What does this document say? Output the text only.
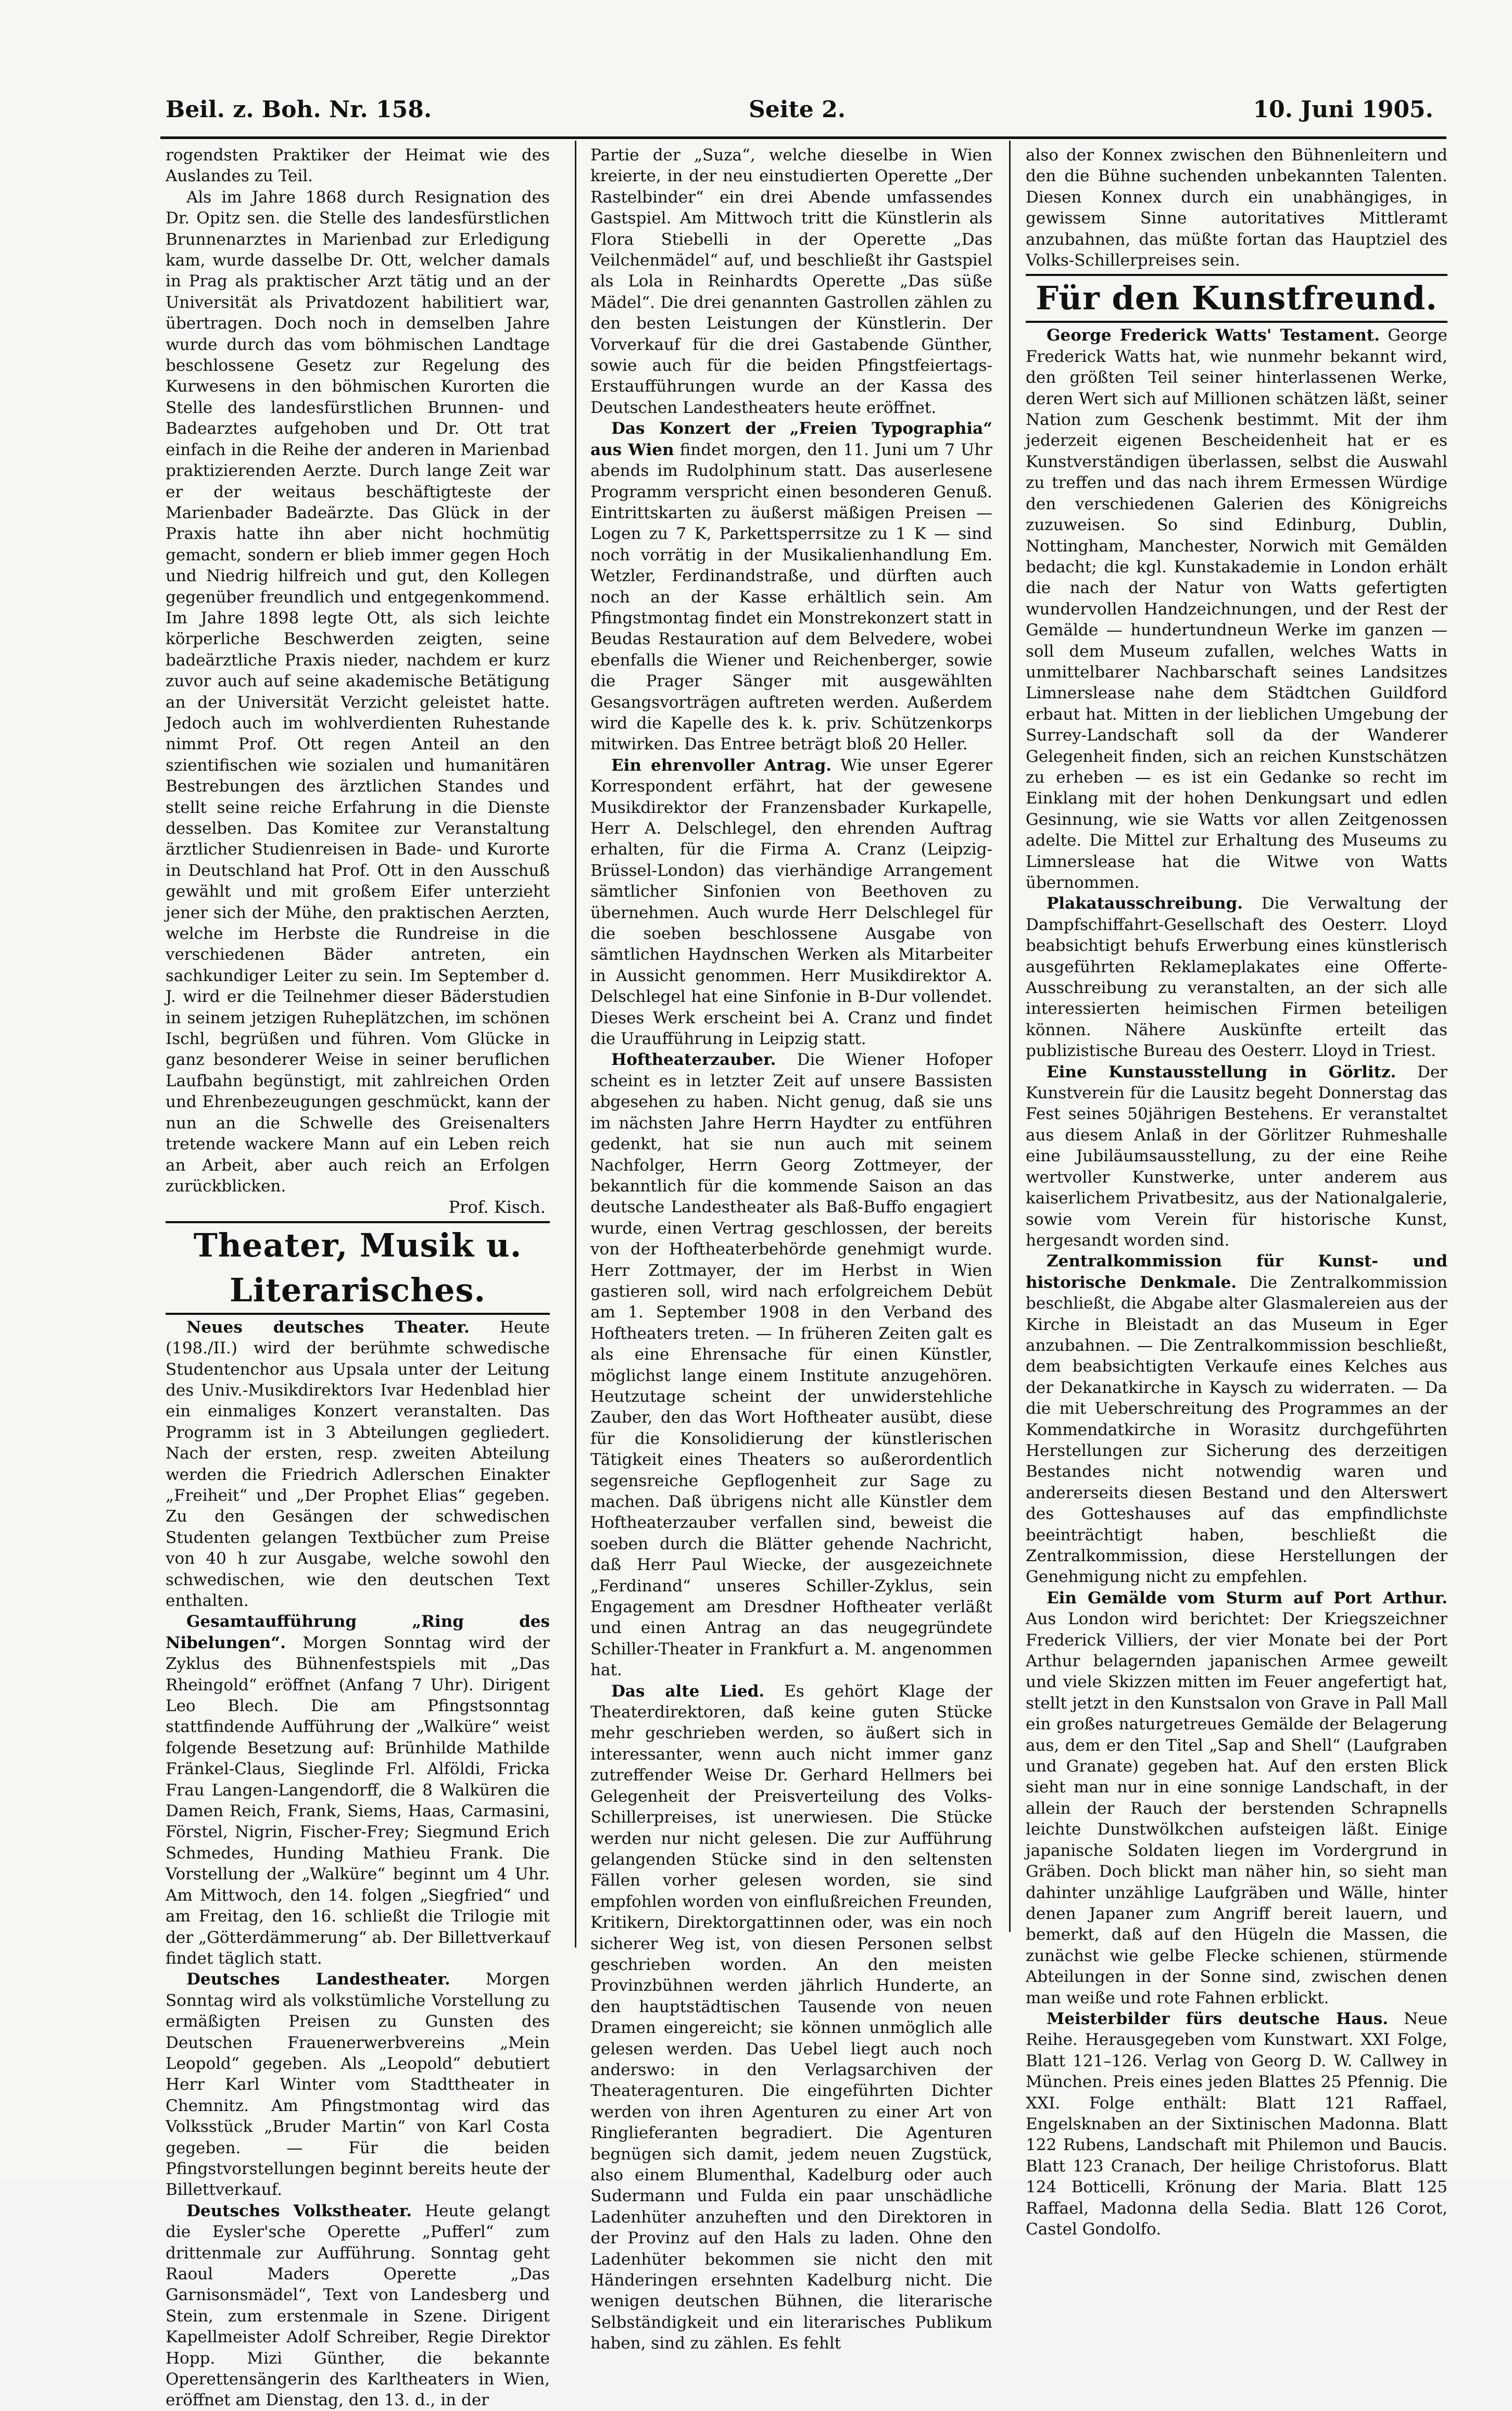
Beil. z. Boh. Nr. 158.	Seite 2.	10. Juni 1905.

rogendsten Praktiker der Heimat wie des Auslandes zu Teil.

Als im Jahre 1868 durch Resignation des Dr. Opitz sen. die Stelle des landesfürstlichen Brunnenarztes in Marienbad zur Erledigung kam, wurde dasselbe Dr. Ott, welcher damals in Prag als praktischer Arzt tätig und an der Universität als Privatdozent habilitiert war, übertragen. Doch noch in demselben Jahre wurde durch das vom böhmischen Landtage beschlossene Gesetz zur Regelung des Kurwesens in den böhmischen Kurorten die Stelle des landesfürstlichen Brunnen- und Badearztes aufgehoben und Dr. Ott trat einfach in die Reihe der anderen in Marienbad praktizierenden Aerzte. Durch lange Zeit war er der weitaus beschäftigteste der Marienbader Badeärzte. Das Glück in der Praxis hatte ihn aber nicht hochmütig gemacht, sondern er blieb immer gegen Hoch und Niedrig hilfreich und gut, den Kollegen gegenüber freundlich und entgegenkommend. Im Jahre 1898 legte Ott, als sich leichte körperliche Beschwerden zeigten, seine badeärztliche Praxis nieder, nachdem er kurz zuvor auch auf seine akademische Betätigung an der Universität Verzicht geleistet hatte. Jedoch auch im wohlverdienten Ruhestande nimmt Prof. Ott regen Anteil an den szientifischen wie sozialen und humanitären Bestrebungen des ärztlichen Standes und stellt seine reiche Erfahrung in die Dienste desselben. Das Komitee zur Veranstaltung ärztlicher Studienreisen in Bade- und Kurorte in Deutschland hat Prof. Ott in den Ausschuß gewählt und mit großem Eifer unterzieht jener sich der Mühe, den praktischen Aerzten, welche im Herbste die Rundreise in die verschiedenen Bäder antreten, ein sachkundiger Leiter zu sein. Im September d. J. wird er die Teilnehmer dieser Bäderstudien in seinem jetzigen Ruheplätzchen, im schönen Ischl, begrüßen und führen. Vom Glücke in ganz besonderer Weise in seiner beruflichen Laufbahn begünstigt, mit zahlreichen Orden und Ehrenbezeugungen geschmückt, kann der nun an die Schwelle des Greisenalters tretende wackere Mann auf ein Leben reich an Arbeit, aber auch reich an Erfolgen zurückblicken.

Prof. Kisch.
Theater, Musik u. Literarisches.

Neues deutsches Theater. Heute (198./II.) wird der berühmte schwedische Studentenchor aus Upsala unter der Leitung des Univ.-Musikdirektors Ivar Hedenblad hier ein einmaliges Konzert veranstalten. Das Programm ist in 3 Abteilungen gegliedert. Nach der ersten, resp. zweiten Abteilung werden die Friedrich Adlerschen Einakter „Freiheit“ und „Der Prophet Elias“ gegeben. Zu den Gesängen der schwedischen Studenten gelangen Textbücher zum Preise von 40 h zur Ausgabe, welche sowohl den schwedischen, wie den deutschen Text enthalten.

Gesamtaufführung „Ring des Nibelungen“. Morgen Sonntag wird der Zyklus des Bühnenfestspiels mit „Das Rheingold“ eröffnet (Anfang 7 Uhr). Dirigent Leo Blech. Die am Pfingstsonntag stattfindende Aufführung der „Walküre“ weist folgende Besetzung auf: Brünhilde Mathilde Fränkel-Claus, Sieglinde Frl. Alföldi, Fricka Frau Langen-Langendorff, die 8 Walküren die Damen Reich, Frank, Siems, Haas, Carmasini, Förstel, Nigrin, Fischer-Frey; Siegmund Erich Schmedes, Hunding Mathieu Frank. Die Vorstellung der „Walküre“ beginnt um 4 Uhr. Am Mittwoch, den 14. folgen „Siegfried“ und am Freitag, den 16. schließt die Trilogie mit der „Götterdämmerung“ ab. Der Billettverkauf findet täglich statt.

Deutsches Landestheater. Morgen Sonntag wird als volkstümliche Vorstellung zu ermäßigten Preisen zu Gunsten des Deutschen Frauenerwerbvereins „Mein Leopold“ gegeben. Als „Leopold“ debutiert Herr Karl Winter vom Stadttheater in Chemnitz. Am Pfingstmontag wird das Volksstück „Bruder Martin“ von Karl Costa gegeben. — Für die beiden Pfingstvorstellungen beginnt bereits heute der Billettverkauf.

Deutsches Volkstheater. Heute gelangt die Eysler'sche Operette „Pufferl“ zum drittenmale zur Aufführung. Sonntag geht Raoul Maders Operette „Das Garnisonsmädel“, Text von Landesberg und Stein, zum erstenmale in Szene. Dirigent Kapellmeister Adolf Schreiber, Regie Direktor Hopp. Mizi Günther, die bekannte Operettensängerin des Karltheaters in Wien, eröffnet am Dienstag, den 13. d., in der

Partie der „Suza“, welche dieselbe in Wien kreierte, in der neu einstudierten Operette „Der Rastelbinder“ ein drei Abende umfassendes Gastspiel. Am Mittwoch tritt die Künstlerin als Flora Stiebelli in der Operette „Das Veilchenmädel“ auf, und beschließt ihr Gastspiel als Lola in Reinhardts Operette „Das süße Mädel“. Die drei genannten Gastrollen zählen zu den besten Leistungen der Künstlerin. Der Vorverkauf für die drei Gastabende Günther, sowie auch für die beiden Pfingstfeiertags-Erstaufführungen wurde an der Kassa des Deutschen Landestheaters heute eröffnet.

Das Konzert der „Freien Typographia“ aus Wien findet morgen, den 11. Juni um 7 Uhr abends im Rudolphinum statt. Das auserlesene Programm verspricht einen besonderen Genuß. Eintrittskarten zu äußerst mäßigen Preisen — Logen zu 7 K, Parkettsperrsitze zu 1 K — sind noch vorrätig in der Musikalienhandlung Em. Wetzler, Ferdinandstraße, und dürften auch noch an der Kasse erhältlich sein. Am Pfingstmontag findet ein Monstrekonzert statt in Beudas Restauration auf dem Belvedere, wobei ebenfalls die Wiener und Reichenberger, sowie die Prager Sänger mit ausgewählten Gesangsvorträgen auftreten werden. Außerdem wird die Kapelle des k. k. priv. Schützenkorps mitwirken. Das Entree beträgt bloß 20 Heller.

Ein ehrenvoller Antrag. Wie unser Egerer Korrespondent erfährt, hat der gewesene Musikdirektor der Franzensbader Kurkapelle, Herr A. Delschlegel, den ehrenden Auftrag erhalten, für die Firma A. Cranz (Leipzig-Brüssel-London) das vierhändige Arrangement sämtlicher Sinfonien von Beethoven zu übernehmen. Auch wurde Herr Delschlegel für die soeben beschlossene Ausgabe von sämtlichen Haydnschen Werken als Mitarbeiter in Aussicht genommen. Herr Musikdirektor A. Delschlegel hat eine Sinfonie in B-Dur vollendet. Dieses Werk erscheint bei A. Cranz und findet die Uraufführung in Leipzig statt.

Hoftheaterzauber. Die Wiener Hofoper scheint es in letzter Zeit auf unsere Bassisten abgesehen zu haben. Nicht genug, daß sie uns im nächsten Jahre Herrn Haydter zu entführen gedenkt, hat sie nun auch mit seinem Nachfolger, Herrn Georg Zottmeyer, der bekanntlich für die kommende Saison an das deutsche Landestheater als Baß-Buffo engagiert wurde, einen Vertrag geschlossen, der bereits von der Hoftheaterbehörde genehmigt wurde. Herr Zottmayer, der im Herbst in Wien gastieren soll, wird nach erfolgreichem Debüt am 1. September 1908 in den Verband des Hoftheaters treten. — In früheren Zeiten galt es als eine Ehrensache für einen Künstler, möglichst lange einem Institute anzugehören. Heutzutage scheint der unwiderstehliche Zauber, den das Wort Hoftheater ausübt, diese für die Konsolidierung der künstlerischen Tätigkeit eines Theaters so außerordentlich segensreiche Gepflogenheit zur Sage zu machen. Daß übrigens nicht alle Künstler dem Hoftheaterzauber verfallen sind, beweist die soeben durch die Blätter gehende Nachricht, daß Herr Paul Wiecke, der ausgezeichnete „Ferdinand“ unseres Schiller-Zyklus, sein Engagement am Dresdner Hoftheater verläßt und einen Antrag an das neugegründete Schiller-Theater in Frankfurt a. M. angenommen hat.

Das alte Lied. Es gehört Klage der Theaterdirektoren, daß keine guten Stücke mehr geschrieben werden, so äußert sich in interessanter, wenn auch nicht immer ganz zutreffender Weise Dr. Gerhard Hellmers bei Gelegenheit der Preisverteilung des Volks-Schillerpreises, ist unerwiesen. Die Stücke werden nur nicht gelesen. Die zur Aufführung gelangenden Stücke sind in den seltensten Fällen vorher gelesen worden, sie sind empfohlen worden von einflußreichen Freunden, Kritikern, Direktorgattinnen oder, was ein noch sicherer Weg ist, von diesen Personen selbst geschrieben worden. An den meisten Provinzbühnen werden jährlich Hunderte, an den hauptstädtischen Tausende von neuen Dramen eingereicht; sie können unmöglich alle gelesen werden. Das Uebel liegt auch noch anderswo: in den Verlagsarchiven der Theateragenturen. Die eingeführten Dichter werden von ihren Agenturen zu einer Art von Ringlieferanten begradiert. Die Agenturen begnügen sich damit, jedem neuen Zugstück, also einem Blumenthal, Kadelburg oder auch Sudermann und Fulda ein paar unschädliche Ladenhüter anzuheften und den Direktoren in der Provinz auf den Hals zu laden. Ohne den Ladenhüter bekommen sie nicht den mit Händeringen ersehnten Kadelburg nicht. Die wenigen deutschen Bühnen, die literarische Selbständigkeit und ein literarisches Publikum haben, sind zu zählen. Es fehlt

also der Konnex zwischen den Bühnenleitern und den die Bühne suchenden unbekannten Talenten. Diesen Konnex durch ein unabhängiges, in gewissem Sinne autoritatives Mittleramt anzubahnen, das müßte fortan das Hauptziel des Volks-Schillerpreises sein.

Für den Kunstfreund.

George Frederick Watts' Testament. George Frederick Watts hat, wie nunmehr bekannt wird, den größten Teil seiner hinterlassenen Werke, deren Wert sich auf Millionen schätzen läßt, seiner Nation zum Geschenk bestimmt. Mit der ihm jederzeit eigenen Bescheidenheit hat er es Kunstverständigen überlassen, selbst die Auswahl zu treffen und das nach ihrem Ermessen Würdige den verschiedenen Galerien des Königreichs zuzuweisen. So sind Edinburg, Dublin, Nottingham, Manchester, Norwich mit Gemälden bedacht; die kgl. Kunstakademie in London erhält die nach der Natur von Watts gefertigten wundervollen Handzeichnungen, und der Rest der Gemälde — hundertundneun Werke im ganzen — soll dem Museum zufallen, welches Watts in unmittelbarer Nachbarschaft seines Landsitzes Limnerslease nahe dem Städtchen Guildford erbaut hat. Mitten in der lieblichen Umgebung der Surrey-Landschaft soll da der Wanderer Gelegenheit finden, sich an reichen Kunstschätzen zu erheben — es ist ein Gedanke so recht im Einklang mit der hohen Denkungsart und edlen Gesinnung, wie sie Watts vor allen Zeitgenossen adelte. Die Mittel zur Erhaltung des Museums zu Limnerslease hat die Witwe von Watts übernommen.

Plakatausschreibung. Die Verwaltung der Dampfschiffahrt-Gesellschaft des Oesterr. Lloyd beabsichtigt behufs Erwerbung eines künstlerisch ausgeführten Reklameplakates eine Offerte-Ausschreibung zu veranstalten, an der sich alle interessierten heimischen Firmen beteiligen können. Nähere Auskünfte erteilt das publizistische Bureau des Oesterr. Lloyd in Triest.

Eine Kunstausstellung in Görlitz. Der Kunstverein für die Lausitz begeht Donnerstag das Fest seines 50jährigen Bestehens. Er veranstaltet aus diesem Anlaß in der Görlitzer Ruhmeshalle eine Jubiläumsausstellung, zu der eine Reihe wertvoller Kunstwerke, unter anderem aus kaiserlichem Privatbesitz, aus der Nationalgalerie, sowie vom Verein für historische Kunst, hergesandt worden sind.

Zentralkommission für Kunst- und historische Denkmale. Die Zentralkommission beschließt, die Abgabe alter Glasmalereien aus der Kirche in Bleistadt an das Museum in Eger anzubahnen. — Die Zentralkommission beschließt, dem beabsichtigten Verkaufe eines Kelches aus der Dekanatkirche in Kaysch zu widerraten. — Da die mit Ueberschreitung des Programmes an der Kommendatkirche in Worasitz durchgeführten Herstellungen zur Sicherung des derzeitigen Bestandes nicht notwendig waren und andererseits diesen Bestand und den Alterswert des Gotteshauses auf das empfindlichste beeinträchtigt haben, beschließt die Zentralkommission, diese Herstellungen der Genehmigung nicht zu empfehlen.

Ein Gemälde vom Sturm auf Port Arthur. Aus London wird berichtet: Der Kriegszeichner Frederick Villiers, der vier Monate bei der Port Arthur belagernden japanischen Armee geweilt und viele Skizzen mitten im Feuer angefertigt hat, stellt jetzt in den Kunstsalon von Grave in Pall Mall ein großes naturgetreues Gemälde der Belagerung aus, dem er den Titel „Sap and Shell“ (Laufgraben und Granate) gegeben hat. Auf den ersten Blick sieht man nur in eine sonnige Landschaft, in der allein der Rauch der berstenden Schrapnells leichte Dunstwölkchen aufsteigen läßt. Einige japanische Soldaten liegen im Vordergrund in Gräben. Doch blickt man näher hin, so sieht man dahinter unzählige Laufgräben und Wälle, hinter denen Japaner zum Angriff bereit lauern, und bemerkt, daß auf den Hügeln die Massen, die zunächst wie gelbe Flecke schienen, stürmende Abteilungen in der Sonne sind, zwischen denen man weiße und rote Fahnen erblickt.

Meisterbilder fürs deutsche Haus. Neue Reihe. Herausgegeben vom Kunstwart. XXI Folge, Blatt 121–126. Verlag von Georg D. W. Callwey in München. Preis eines jeden Blattes 25 Pfennig. Die XXI. Folge enthält: Blatt 121 Raffael, Engelsknaben an der Sixtinischen Madonna. Blatt 122 Rubens, Landschaft mit Philemon und Baucis. Blatt 123 Cranach, Der heilige Christoforus. Blatt 124 Botticelli, Krönung der Maria. Blatt 125 Raffael, Madonna della Sedia. Blatt 126 Corot, Castel Gondolfo.
